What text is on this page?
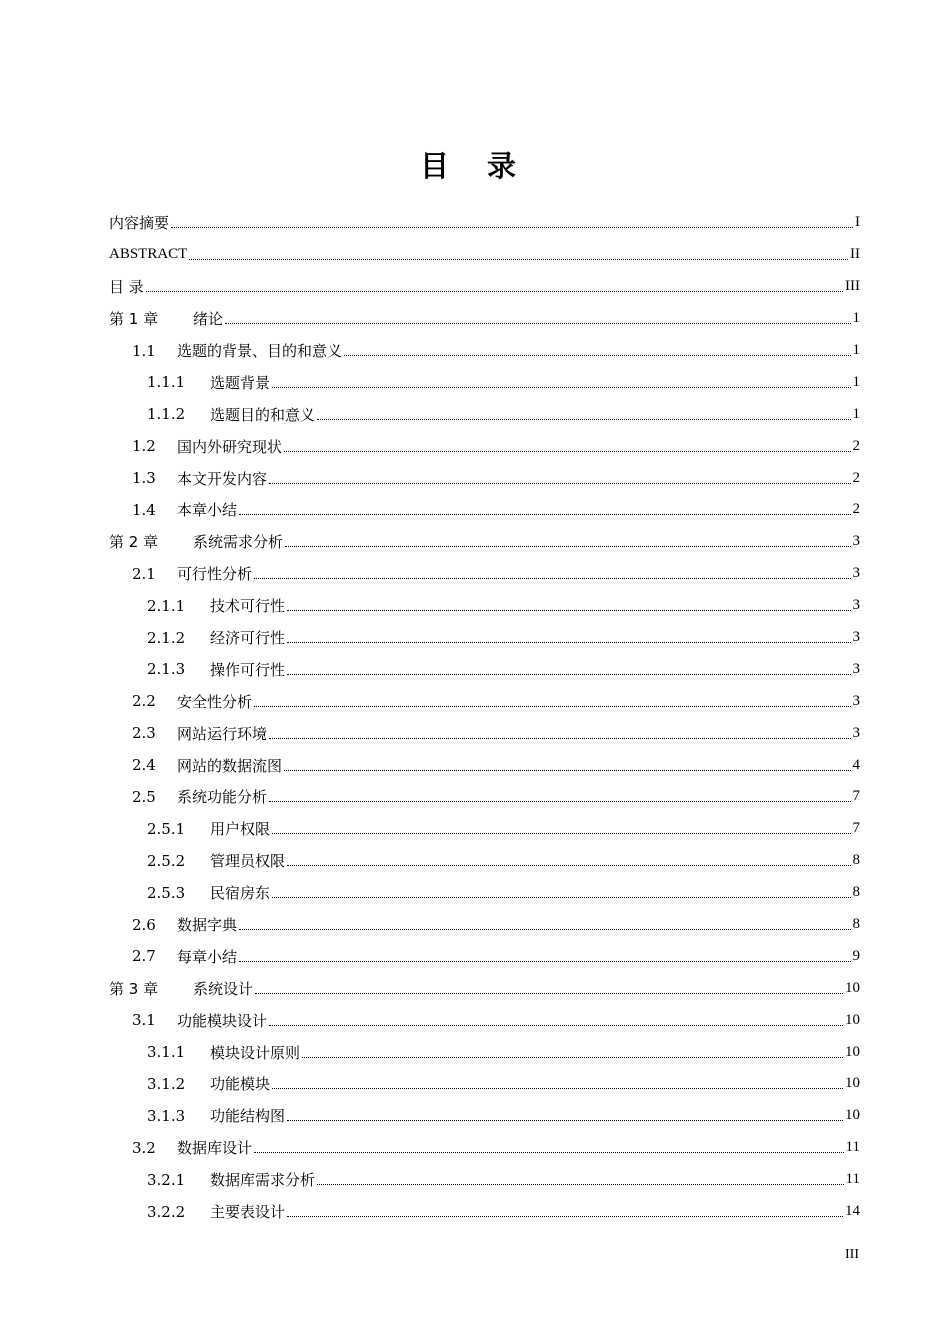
目 录
内容摘要	I
ABSTRACT	II
目 录	III
第 1 章	绪论	1
1.1	选题的背景、目的和意义	1
1.1.1	选题背景	1
1.1.2	选题目的和意义	1
1.2	国内外研究现状	2
1.3	本文开发内容	2
1.4	本章小结	2
第 2 章	系统需求分析	3
2.1	可行性分析	3
2.1.1	技术可行性	3
2.1.2	经济可行性	3
2.1.3	操作可行性	3
2.2	安全性分析	3
2.3	网站运行环境	3
2.4	网站的数据流图	4
2.5	系统功能分析	7
2.5.1	用户权限	7
2.5.2	管理员权限	8
2.5.3	民宿房东	8
2.6	数据字典	8
2.7	每章小结	9
第 3 章	系统设计	10
3.1	功能模块设计	10
3.1.1	模块设计原则	10
3.1.2	功能模块	10
3.1.3	功能结构图	10
3.2	数据库设计	11
3.2.1	数据库需求分析	11
3.2.2	主要表设计	14
III
